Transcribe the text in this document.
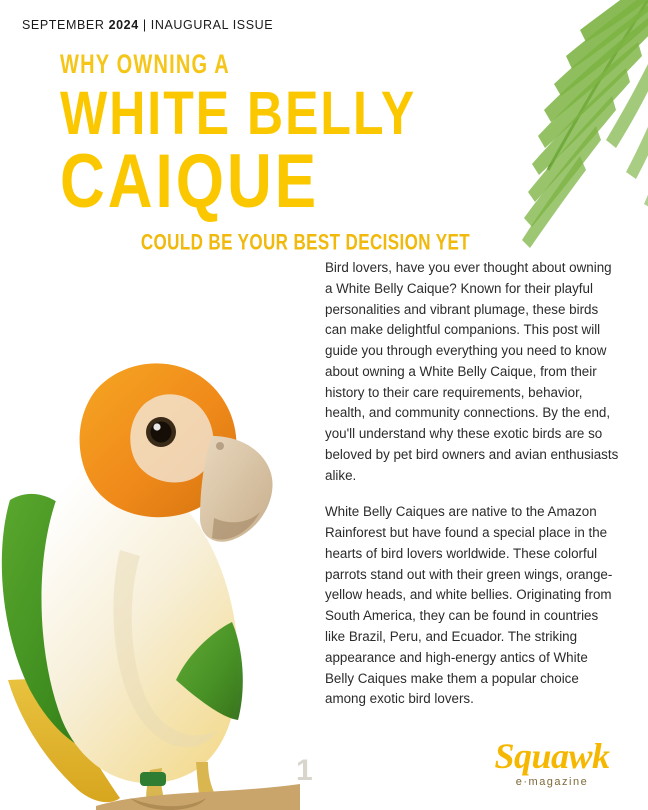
SEPTEMBER 2024 | INAUGURAL ISSUE
WHY OWNING A
WHITE BELLY
CAIQUE
COULD BE YOUR BEST DECISION YET

Bird lovers, have you ever thought about owning a White Belly Caique? Known for their playful personalities and vibrant plumage, these birds can make delightful companions. This post will guide you through everything you need to know about owning a White Belly Caique, from their history to their care requirements, behavior, health, and community connections. By the end, you'll understand why these exotic birds are so beloved by pet bird owners and avian enthusiasts alike.

White Belly Caiques are native to the Amazon Rainforest but have found a special place in the hearts of bird lovers worldwide. These colorful parrots stand out with their green wings, orange-yellow heads, and white bellies. Originating from South America, they can be found in countries like Brazil, Peru, and Ecuador. The striking appearance and high-energy antics of White Belly Caiques make them a popular choice among exotic bird lovers.

1	Squawk
e·magazine
